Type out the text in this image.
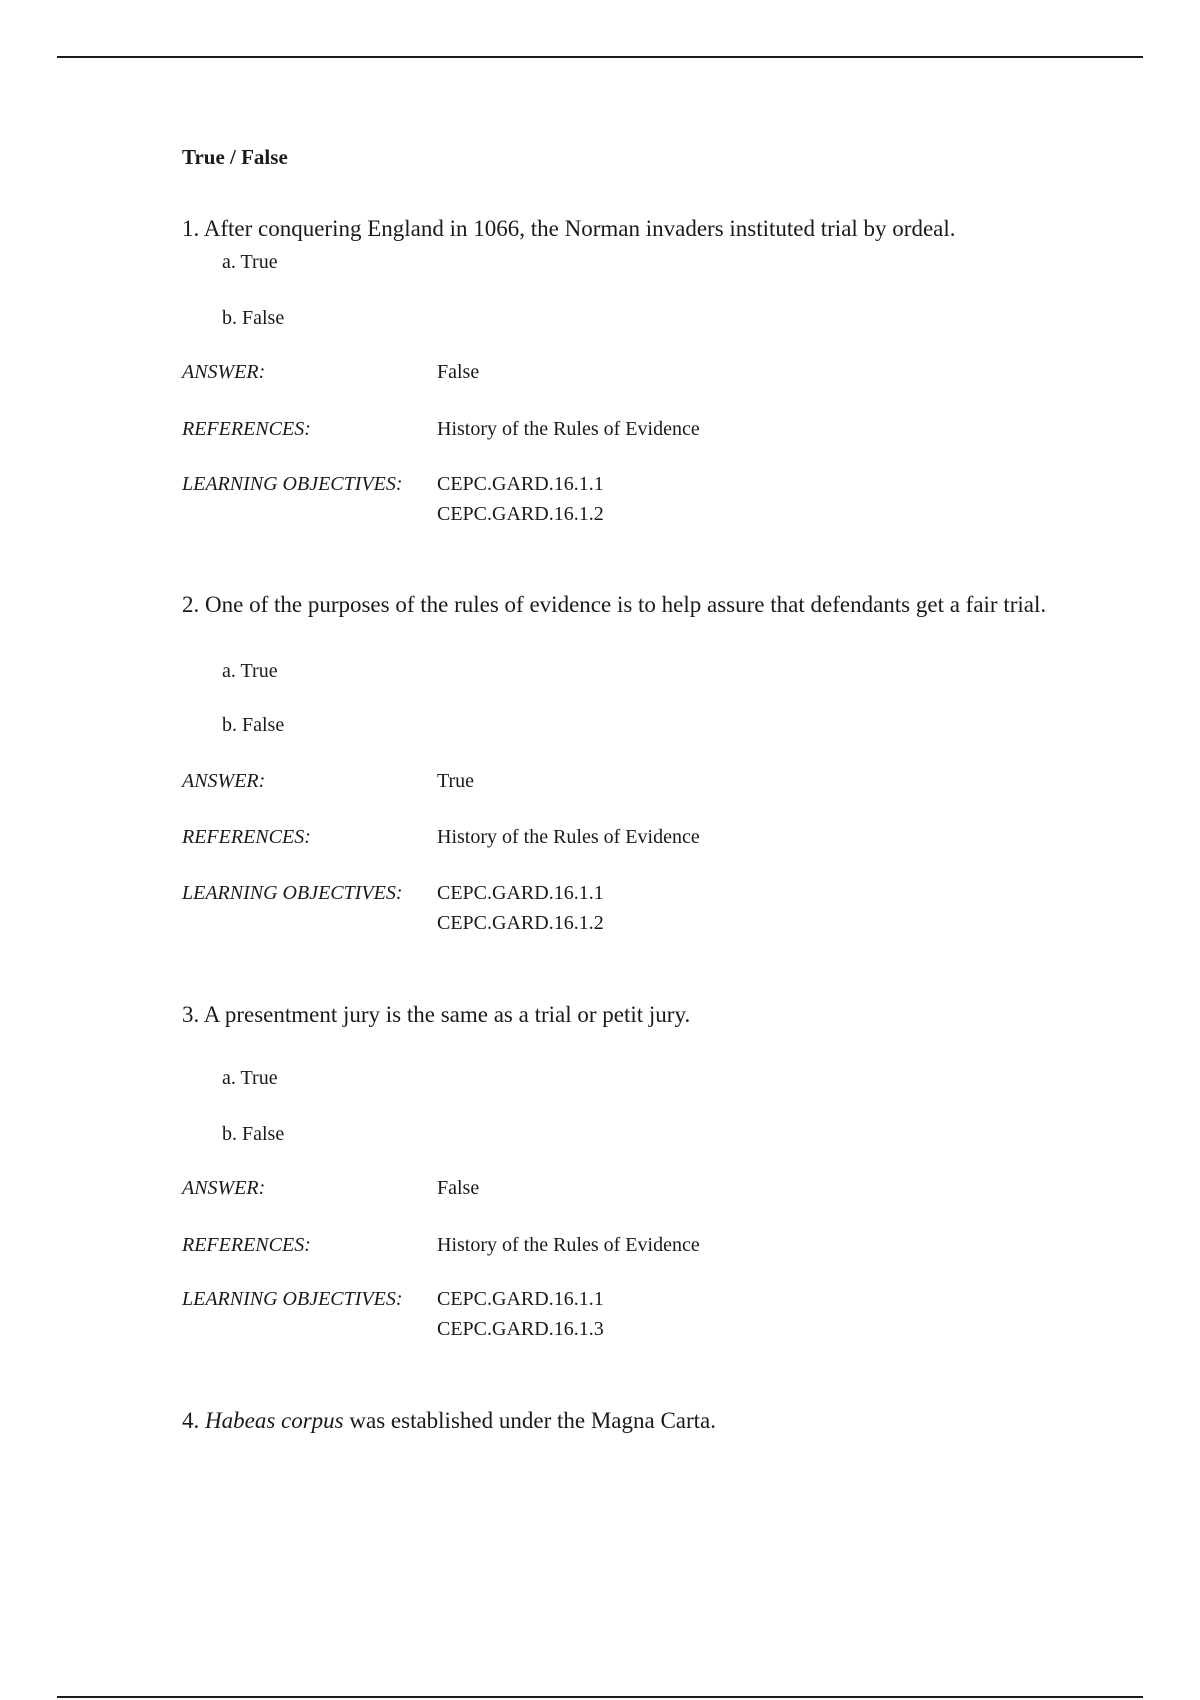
True / False
1. After conquering England in 1066, the Norman invaders instituted trial by ordeal.
a. True
b. False
ANSWER:	False
REFERENCES:	History of the Rules of Evidence
LEARNING OBJECTIVES: CEPC.GARD.16.1.1
CEPC.GARD.16.1.2
2. One of the purposes of the rules of evidence is to help assure that defendants get a fair trial.
a. True
b. False
ANSWER:	True
REFERENCES:	History of the Rules of Evidence
LEARNING OBJECTIVES: CEPC.GARD.16.1.1
CEPC.GARD.16.1.2
3. A presentment jury is the same as a trial or petit jury.
a. True
b. False
ANSWER:	False
REFERENCES:	History of the Rules of Evidence
LEARNING OBJECTIVES: CEPC.GARD.16.1.1
CEPC.GARD.16.1.3
4. Habeas corpus was established under the Magna Carta.
